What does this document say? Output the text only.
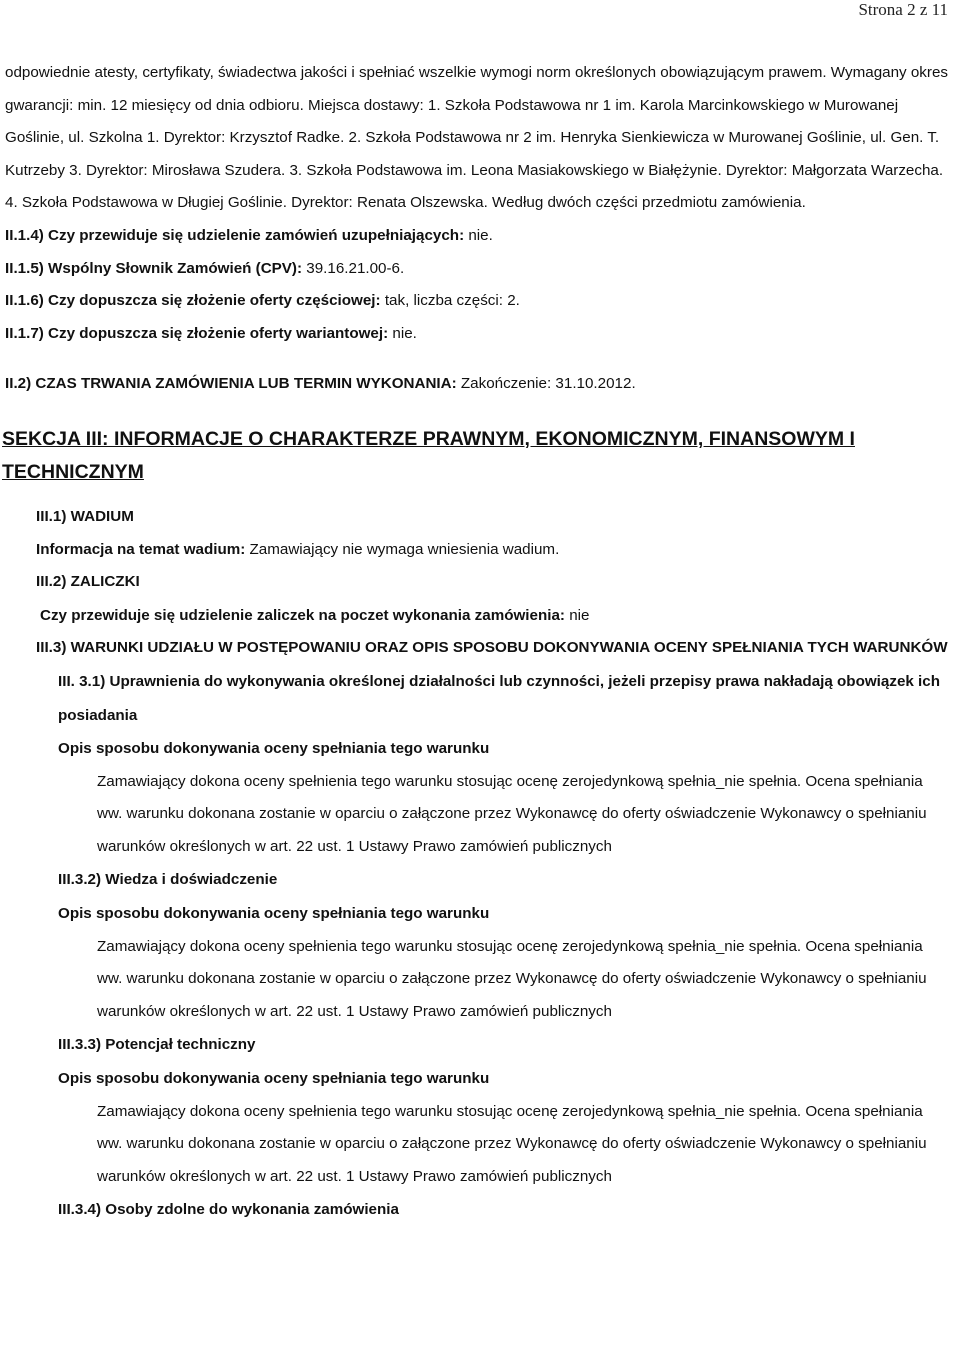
Strona 2 z 11

odpowiednie atesty, certyfikaty, świadectwa jakości i spełniać wszelkie wymogi norm określonych obowiązującym prawem. Wymagany okres gwarancji: min. 12 miesięcy od dnia odbioru. Miejsca dostawy: 1. Szkoła Podstawowa nr 1 im. Karola Marcinkowskiego w Murowanej Goślinie, ul. Szkolna 1. Dyrektor: Krzysztof Radke. 2. Szkoła Podstawowa nr 2 im. Henryka Sienkiewicza w Murowanej Goślinie, ul. Gen. T. Kutrzeby 3. Dyrektor: Mirosława Szudera. 3. Szkoła Podstawowa im. Leona Masiakowskiego w Białężynie. Dyrektor: Małgorzata Warzecha. 4. Szkoła Podstawowa w Długiej Goślinie. Dyrektor: Renata Olszewska. Według dwóch części przedmiotu zamówienia.

II.1.4) Czy przewiduje się udzielenie zamówień uzupełniających: nie.

II.1.5) Wspólny Słownik Zamówień (CPV): 39.16.21.00-6.

II.1.6) Czy dopuszcza się złożenie oferty częściowej: tak, liczba części: 2.

II.1.7) Czy dopuszcza się złożenie oferty wariantowej: nie.

II.2) CZAS TRWANIA ZAMÓWIENIA LUB TERMIN WYKONANIA: Zakończenie: 31.10.2012.

SEKCJA III: INFORMACJE O CHARAKTERZE PRAWNYM, EKONOMICZNYM, FINANSOWYM I TECHNICZNYM

III.1) WADIUM

Informacja na temat wadium: Zamawiający nie wymaga wniesienia wadium.

III.2) ZALICZKI

Czy przewiduje się udzielenie zaliczek na poczet wykonania zamówienia: nie

III.3) WARUNKI UDZIAŁU W POSTĘPOWANIU ORAZ OPIS SPOSOBU DOKONYWANIA OCENY SPEŁNIANIA TYCH WARUNKÓW

III. 3.1) Uprawnienia do wykonywania określonej działalności lub czynności, jeżeli przepisy prawa nakładają obowiązek ich posiadania

Opis sposobu dokonywania oceny spełniania tego warunku

Zamawiający dokona oceny spełnienia tego warunku stosując ocenę zerojedynkową spełnia_nie spełnia. Ocena spełniania ww. warunku dokonana zostanie w oparciu o załączone przez Wykonawcę do oferty oświadczenie Wykonawcy o spełnianiu warunków określonych w art. 22 ust. 1 Ustawy Prawo zamówień publicznych

III.3.2) Wiedza i doświadczenie

Opis sposobu dokonywania oceny spełniania tego warunku

Zamawiający dokona oceny spełnienia tego warunku stosując ocenę zerojedynkową spełnia_nie spełnia. Ocena spełniania ww. warunku dokonana zostanie w oparciu o załączone przez Wykonawcę do oferty oświadczenie Wykonawcy o spełnianiu warunków określonych w art. 22 ust. 1 Ustawy Prawo zamówień publicznych

III.3.3) Potencjał techniczny

Opis sposobu dokonywania oceny spełniania tego warunku

Zamawiający dokona oceny spełnienia tego warunku stosując ocenę zerojedynkową spełnia_nie spełnia. Ocena spełniania ww. warunku dokonana zostanie w oparciu o załączone przez Wykonawcę do oferty oświadczenie Wykonawcy o spełnianiu warunków określonych w art. 22 ust. 1 Ustawy Prawo zamówień publicznych

III.3.4) Osoby zdolne do wykonania zamówienia
